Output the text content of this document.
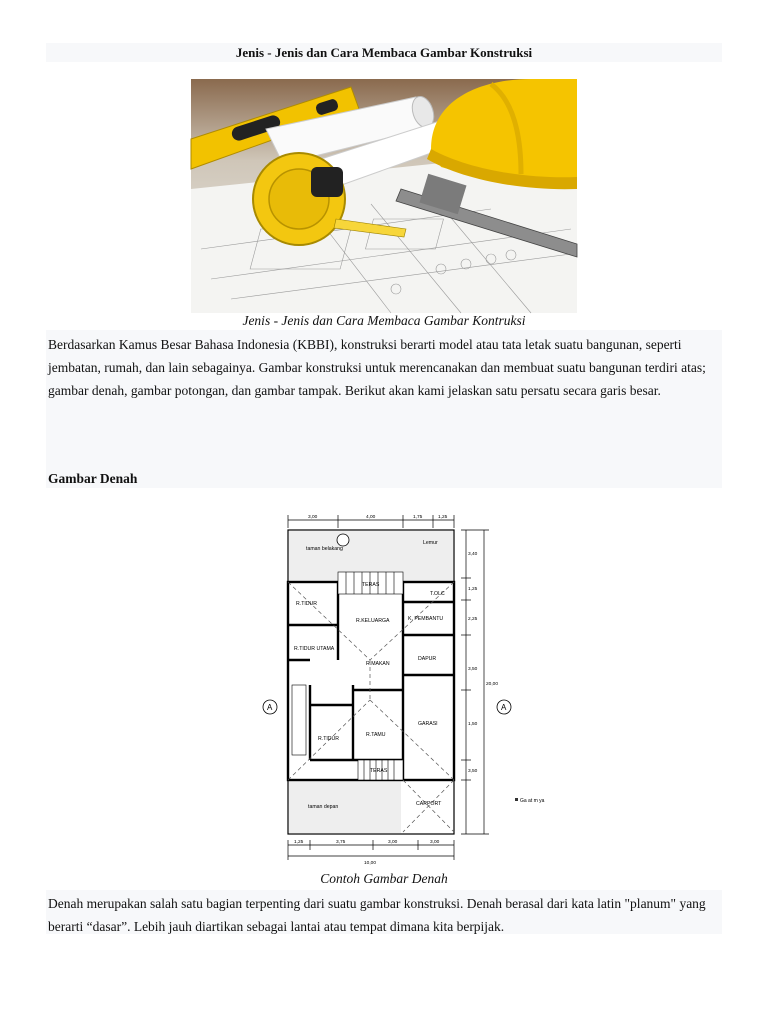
Jenis - Jenis dan Cara Membaca Gambar Konstruksi
Jenis - Jenis dan Cara Membaca Gambar Kontruksi
Berdasarkan Kamus Besar Bahasa Indonesia (KBBI), konstruksi berarti model atau tata letak suatu bangunan, seperti jembatan, rumah, dan lain sebagainya. Gambar konstruksi untuk merencanakan dan membuat suatu bangunan terdiri atas; gambar denah, gambar potongan, dan gambar tampak. Berikut akan kami jelaskan satu persatu secara garis besar.
Gambar Denah
A	A
taman belakang
Lemur
TERAS
T.OLC
R.TIDUR
R.KELUARGA	K. PEMBANTU
R.TIDUR UTAMA
R.MAKAN
DAPUR
GARASI
R.TIDUR
R.TAMU
TERAS
taman depan	CARPORT
3,00	4,00	1,75	1,25
3,40
1,25
2,25
3,50
1,50
3,50
20,00
1,25	3,75	3,00	3,00
10,00
Ga at m ya
Contoh Gambar Denah
Denah merupakan salah satu bagian terpenting dari suatu gambar konstruksi. Denah berasal dari kata latin "planum" yang berarti “dasar”. Lebih jauh diartikan sebagai lantai atau tempat dimana kita berpijak.
